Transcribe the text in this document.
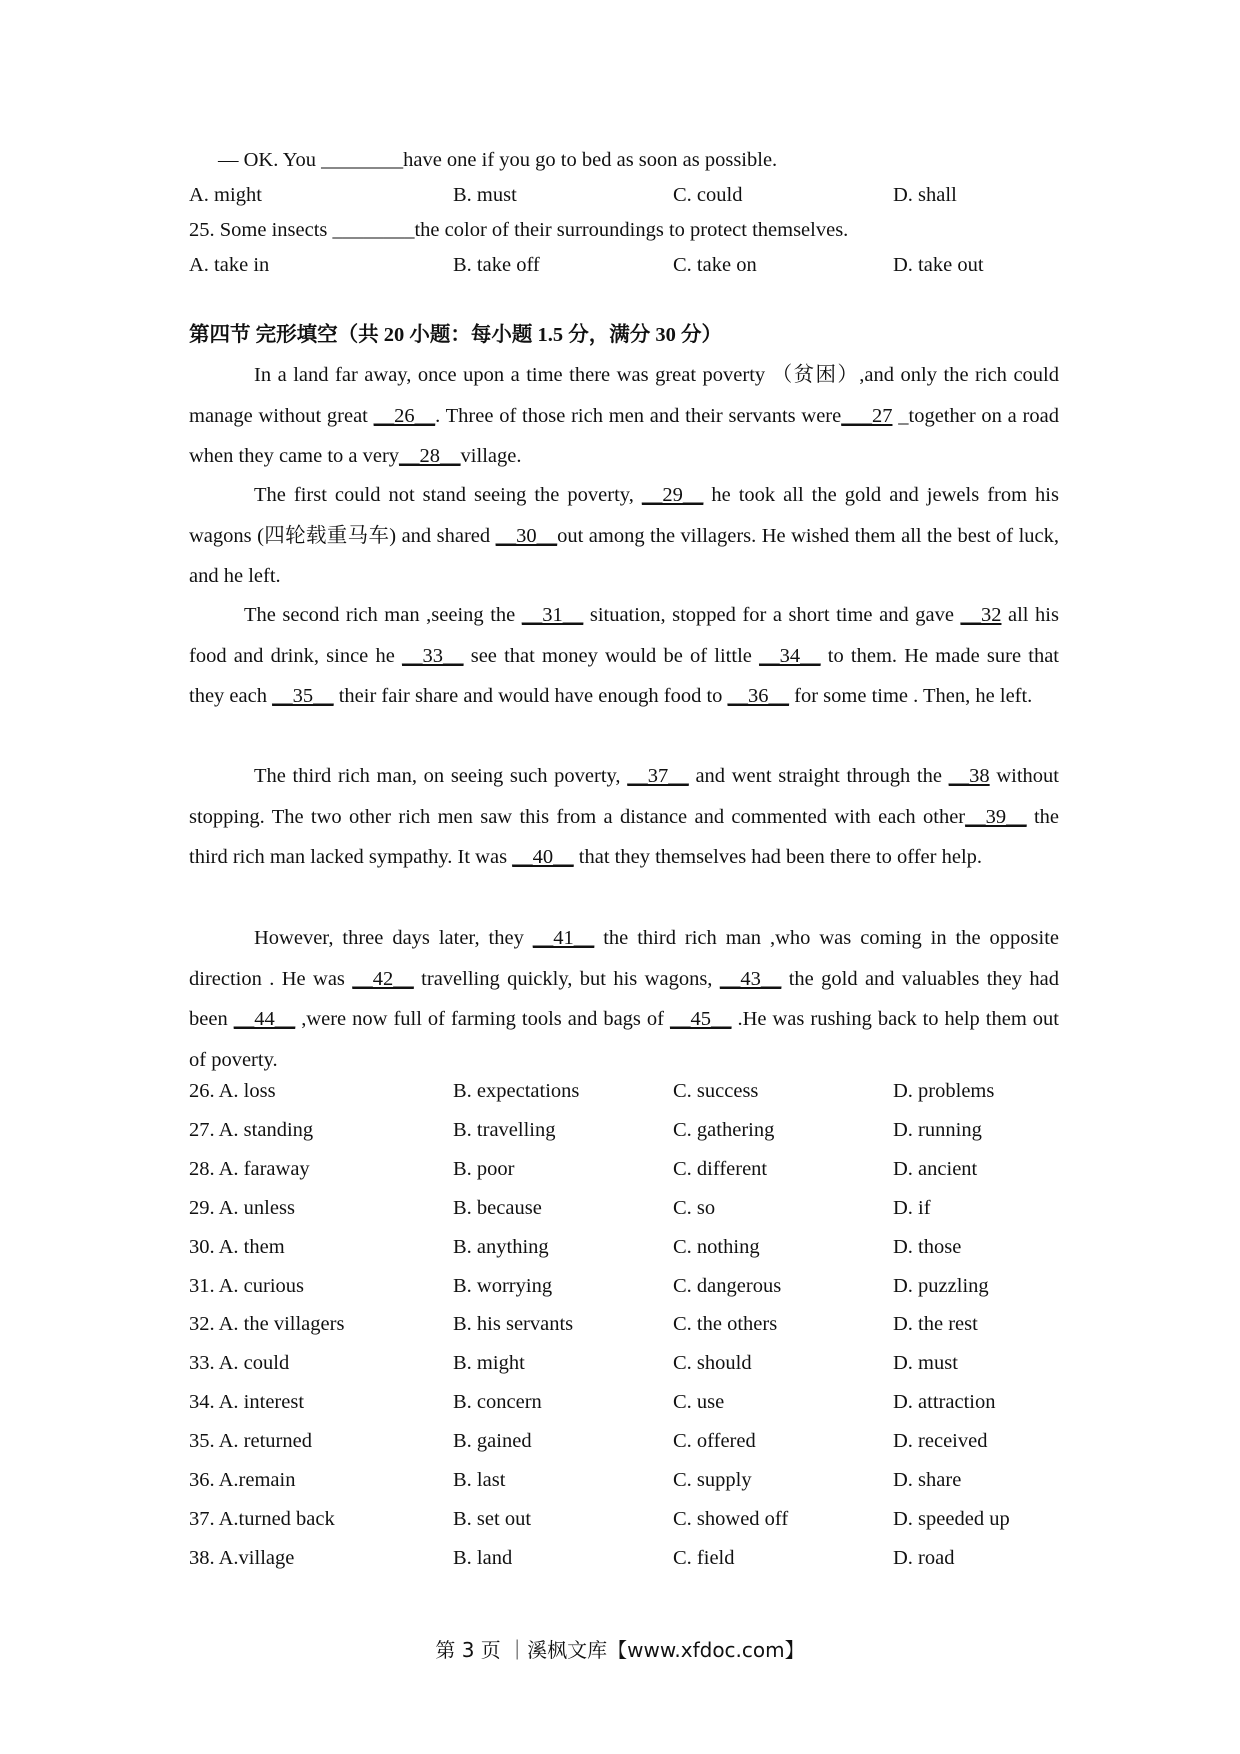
— OK. You ________have one if you go to bed as soon as possible.
A. might	B. must	C. could	D. shall
25. Some insects ________the color of their surroundings to protect themselves.
A. take in	B. take off	C. take on	D. take out
第四节 完形填空（共 20 小题：每小题 1.5 分，满分 30 分）
In a land far away, once upon a time there was great poverty （贫困）,and only the rich could manage without great __26__. Three of those rich men and their servants were___27 _together on a road when they came to a very__28__village.
The first could not stand seeing the poverty, __29__ he took all the gold and jewels from his wagons (四轮载重马车) and shared __30__out among the villagers. He wished them all the best of luck, and he left.
The second rich man ,seeing the __31__ situation, stopped for a short time and gave __32 all his food and drink, since he __33__ see that money would be of little __34__ to them. He made sure that they each __35__ their fair share and would have enough food to __36__ for some time . Then, he left.
The third rich man, on seeing such poverty, __37__ and went straight through the __38 without stopping. The two other rich men saw this from a distance and commented with each other__39__ the third rich man lacked sympathy. It was __40__ that they themselves had been there to offer help.
However, three days later, they __41__ the third rich man ,who was coming in the opposite direction . He was __42__ travelling quickly, but his wagons, __43__ the gold and valuables they had been __44__ ,were now full of farming tools and bags of __45__ .He was rushing back to help them out of poverty.
26. A. loss	B. expectations	C. success	D. problems
27. A. standing	B. travelling	C. gathering	D. running
28. A. faraway	B. poor	C. different	D. ancient
29. A. unless	B. because	C. so	D. if
30. A. them	B. anything	C. nothing	D. those
31. A. curious	B. worrying	C. dangerous	D. puzzling
32. A. the villagers	B. his servants	C. the others	D. the rest
33. A. could	B. might	C. should	D. must
34. A. interest	B. concern	C. use	D. attraction
35. A. returned	B. gained	C. offered	D. received
36. A.remain	B. last	C. supply	D. share
37. A.turned back	B. set out	C. showed off	D. speeded up
38. A.village	B. land	C. field	D. road
第 3 页 ｜溪枫文库【www.xfdoc.com】
